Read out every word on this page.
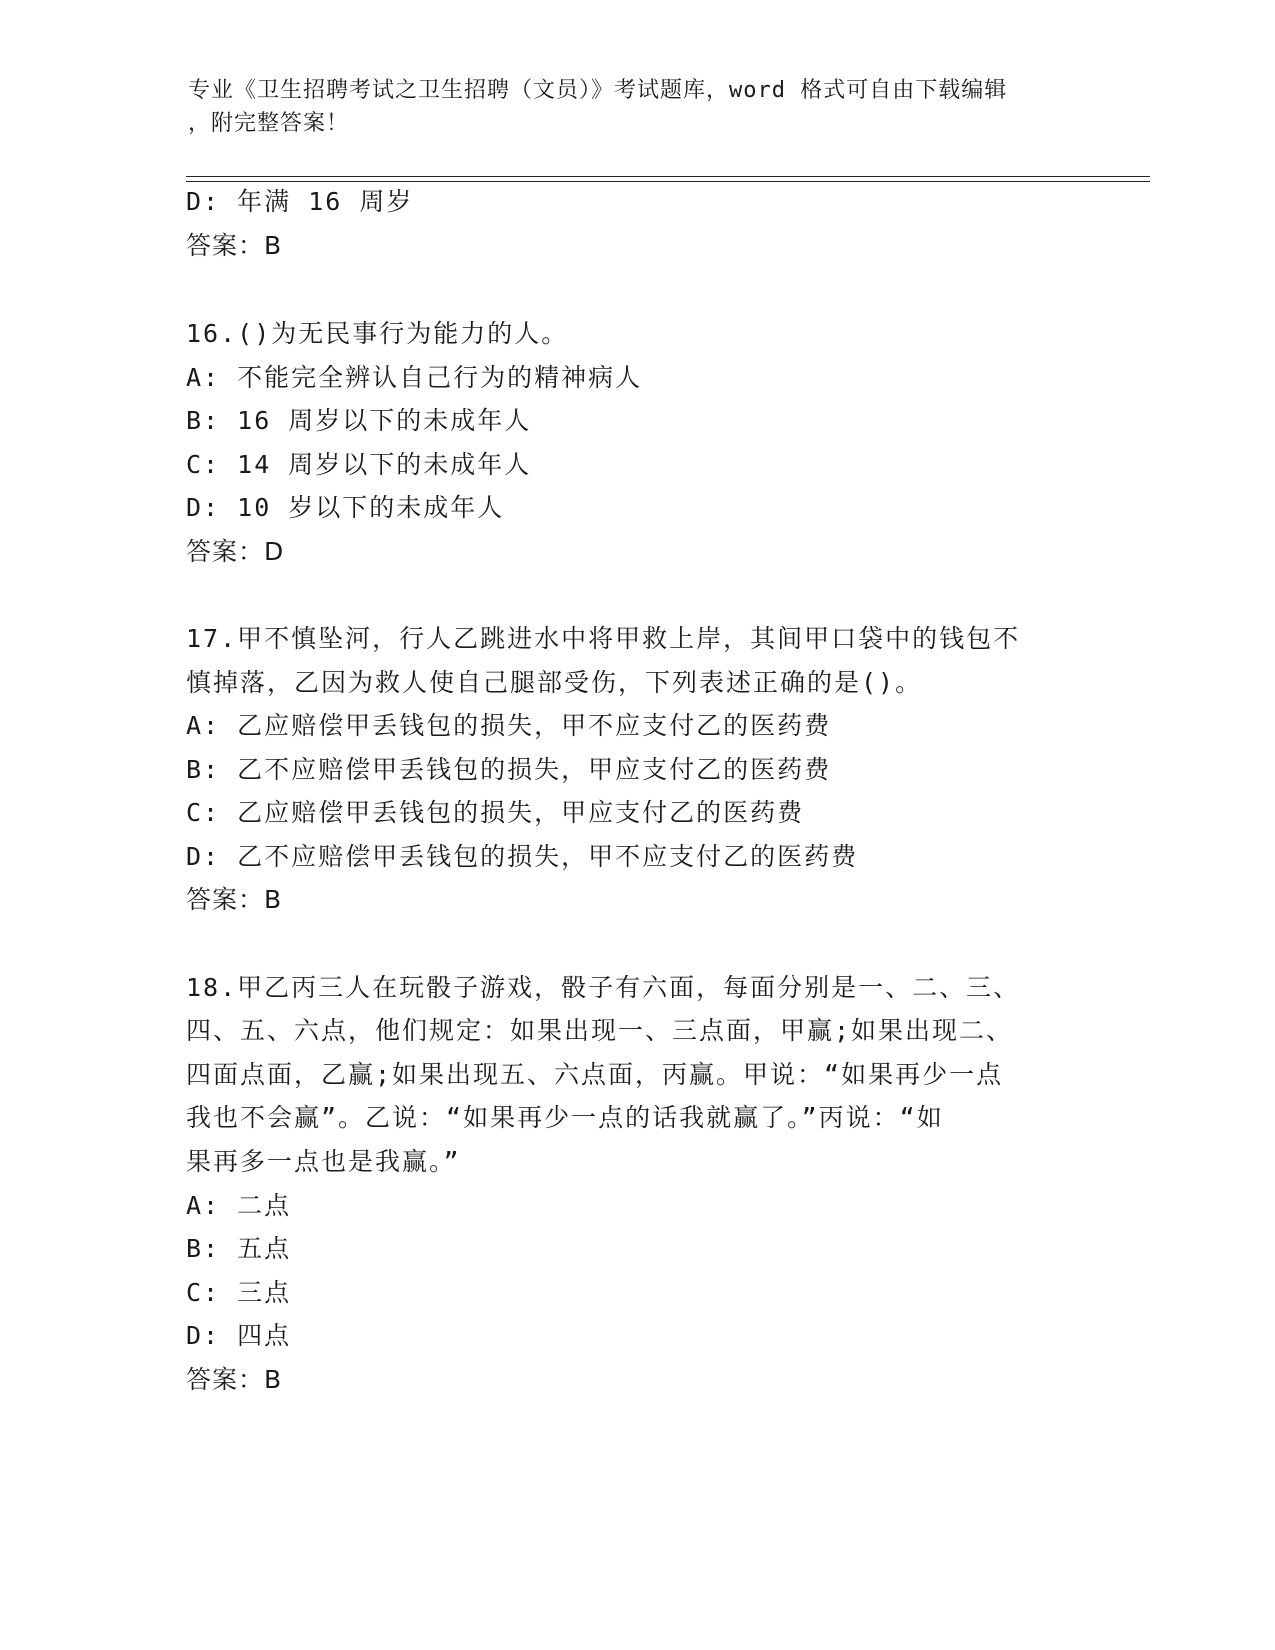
专业《卫生招聘考试之卫生招聘（文员）》考试题库，word 格式可自由下载编辑
，附完整答案！
D: 年满 16 周岁
答案：B
16.()为无民事行为能力的人。
A: 不能完全辨认自己行为的精神病人
B: 16 周岁以下的未成年人
C: 14 周岁以下的未成年人
D: 10 岁以下的未成年人
答案：D
17.甲不慎坠河，行人乙跳进水中将甲救上岸，其间甲口袋中的钱包不
慎掉落，乙因为救人使自己腿部受伤，下列表述正确的是()。
A: 乙应赔偿甲丢钱包的损失，甲不应支付乙的医药费
B: 乙不应赔偿甲丢钱包的损失，甲应支付乙的医药费
C: 乙应赔偿甲丢钱包的损失，甲应支付乙的医药费
D: 乙不应赔偿甲丢钱包的损失，甲不应支付乙的医药费
答案：B
18.甲乙丙三人在玩骰子游戏，骰子有六面，每面分别是一、二、三、
四、五、六点，他们规定：如果出现一、三点面，甲赢;如果出现二、
四面点面，乙赢;如果出现五、六点面，丙赢。甲说：“如果再少一点
我也不会赢”。乙说：“如果再少一点的话我就赢了。”丙说：“如
果再多一点也是我赢。”
A: 二点
B: 五点
C: 三点
D: 四点
答案：B
